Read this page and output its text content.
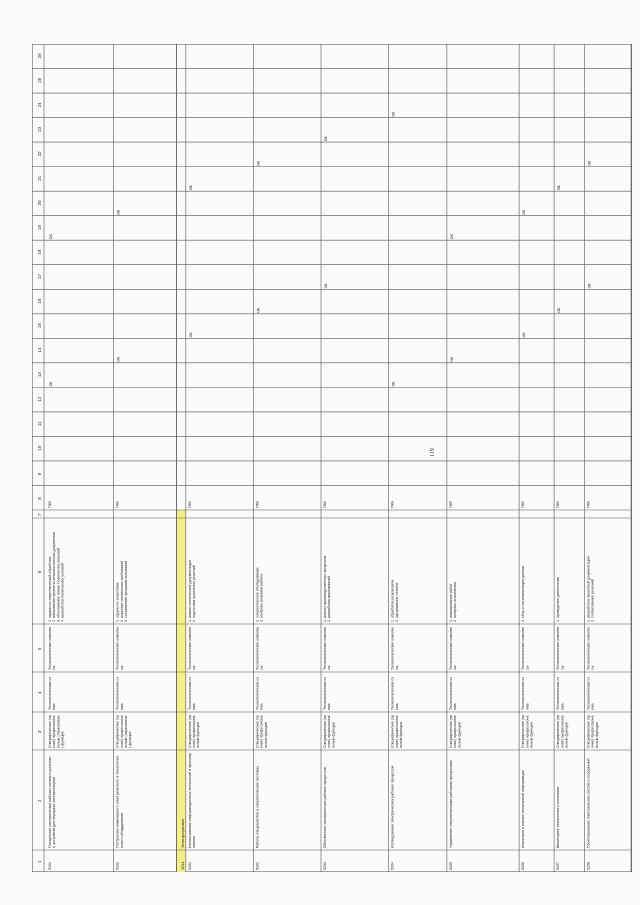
119
1511
Электрофизика
1
2
3
4
5
6
7
8
9
10
11
12
13
14
15
16
17
18
19
20
21
22
23
24
25
26
5101
Построение электрических рабочих систем и установок, устройств для передачи электроэнергии
Специфические (прочие) профессиональные (отраслевые) функции
Технологическая схема
Технологические комплексы
1. задачи по энергетической обработке2. выполнение проектно-технологических документов3. обоснование новых технических решений4. разработка технических условий
ПКН
ОК
ОК
5102
Построение инженерного электрического и технологического оборудования
Специфические (прочие) профессиональные (отраслевые) функции
Технологическая схема
Технологические комплексы
1. задачи по энергетике2. изучение технических требований3. составление программ испытаний
ПКН
ОК
ОК
5201
Использование информационных технологий в проектировании
Специфические (прочие) профессиональные функции
Технологическая схема
Технологические комплексы
1. анализ технической документации2. подготовка проектных решений
ПКН
ОК
ОК
5202
Работа специалистов в энергетических системах
Специфические (прочие) профессиональные функции
Технологическая схема
Технологические комплексы
1. энергетическое обследование2. контроль режимов работы
ПКН
ОК
ОК
5203
Обеспечение электрических рабочих процессов
Специфические (прочие) профессиональные функции
Технологическая схема
Технологические комплексы
1. анализ производственных процессов2. разработка мероприятий
ПКН
ОК
ОК
5204
Исследование электрических рабочих процессов
Специфические (прочие) профессиональные функции
Технологическая схема
Технологические комплексы
1. обработка результатов2. оформление отчетов
ПКН
ОК
ОК
5205
Управление энергетическими рабочими процессами
Специфические (прочие) профессиональные функции
Технологическая схема
Технологические комплексы
1. планирование работ2. контроль исполнения
ПКП
ОК
ОК
5206
Аналитика и анализ технической информации
Специфические (прочие) профессиональные функции
Технологическая схема
Технологические комплексы
1. сбор и систематизация данных
ПКН
ОК
ОК
5207
Мониторинг технического состояния
Специфические (прочие) профессиональные функции
Технологическая схема
Технологические комплексы
1. проведение диагностики
ПКН
ОК
ОК
5208
Проектирование электрических систем и сооружений
Специфические (прочие) профессиональные функции
Технологическая схема
Технологические комплексы
1. разработка проектной документации2. согласование решений
ПКН
ОК
ОК
